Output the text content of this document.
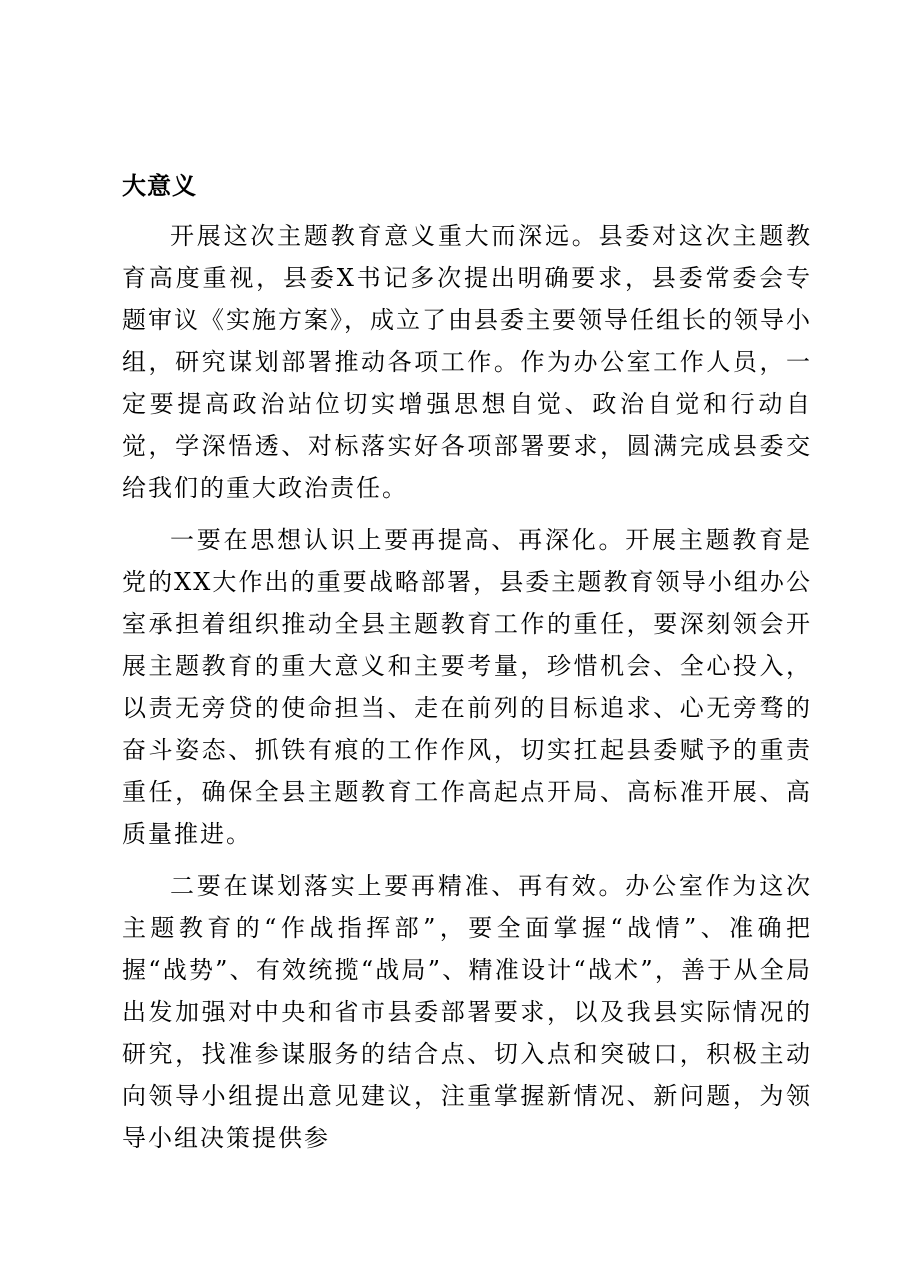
大意义

开展这次主题教育意义重大而深远。县委对这次主题教育高度重视，县委X书记多次提出明确要求，县委常委会专题审议《实施方案》，成立了由县委主要领导任组长的领导小组，研究谋划部署推动各项工作。作为办公室工作人员，一定要提高政治站位切实增强思想自觉、政治自觉和行动自觉，学深悟透、对标落实好各项部署要求，圆满完成县委交给我们的重大政治责任。

一要在思想认识上要再提高、再深化。开展主题教育是党的XX大作出的重要战略部署，县委主题教育领导小组办公室承担着组织推动全县主题教育工作的重任，要深刻领会开展主题教育的重大意义和主要考量，珍惜机会、全心投入，以责无旁贷的使命担当、走在前列的目标追求、心无旁骛的奋斗姿态、抓铁有痕的工作作风，切实扛起县委赋予的重责重任，确保全县主题教育工作高起点开局、高标准开展、高质量推进。

二要在谋划落实上要再精准、再有效。办公室作为这次主题教育的“作战指挥部”，要全面掌握“战情”、准确把握“战势”、有效统揽“战局”、精准设计“战术”，善于从全局出发加强对中央和省市县委部署要求，以及我县实际情况的研究，找准参谋服务的结合点、切入点和突破口，积极主动向领导小组提出意见建议，注重掌握新情况、新问题，为领导小组决策提供参
